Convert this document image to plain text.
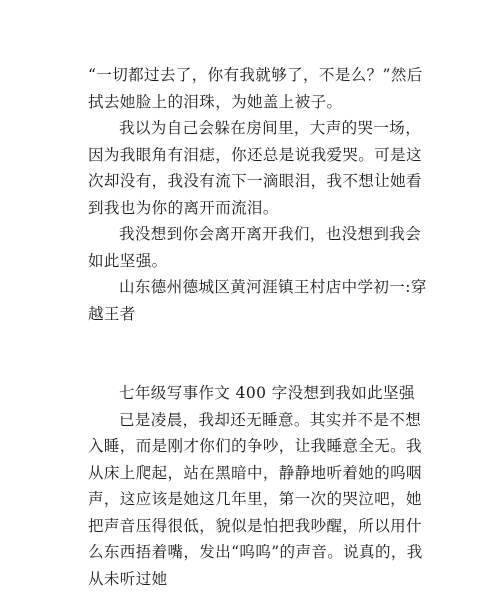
“一切都过去了，你有我就够了，不是么？”然后拭去她脸上的泪珠，为她盖上被子。

我以为自己会躲在房间里，大声的哭一场，因为我眼角有泪痣，你还总是说我爱哭。可是这次却没有，我没有流下一滴眼泪，我不想让她看到我也为你的离开而流泪。

我没想到你会离开离开我们，也没想到我会如此坚强。

山东德州德城区黄河涯镇王村店中学初一:穿越王者

七年级写事作文 400 字没想到我如此坚强

已是凌晨，我却还无睡意。其实并不是不想入睡，而是刚才你们的争吵，让我睡意全无。我从床上爬起，站在黑暗中，静静地听着她的呜咽声，这应该是她这几年里，第一次的哭泣吧，她把声音压得很低，貌似是怕把我吵醒，所以用什么东西捂着嘴，发出“呜呜”的声音。说真的，我从未听过她
